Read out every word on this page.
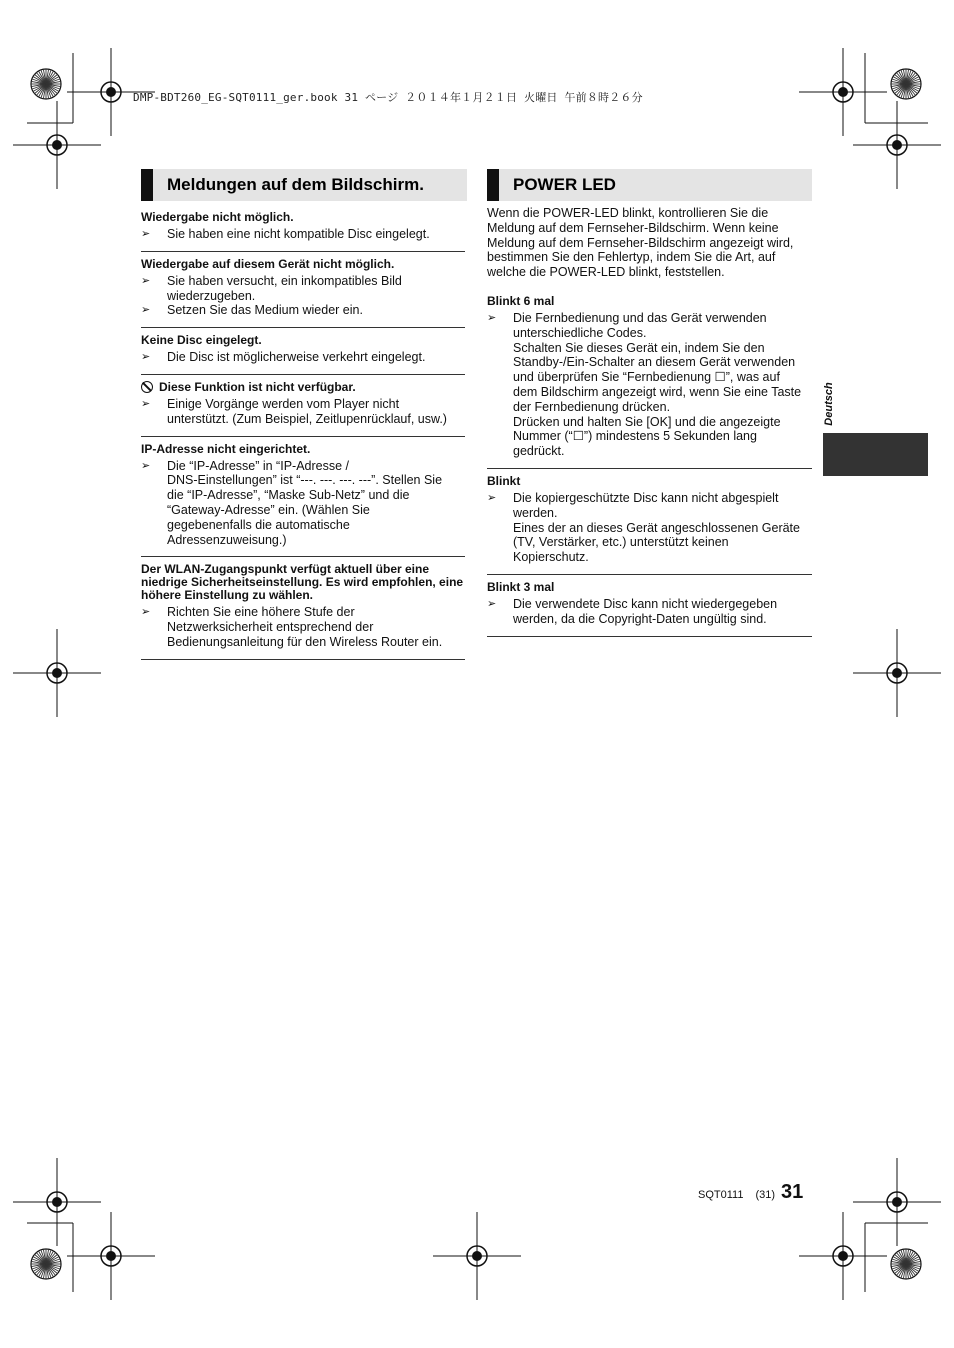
DMP-BDT260_EG-SQT0111_ger.book 31 ページ ２０１４年１月２１日 火曜日 午前８時２６分
Meldungen auf dem Bildschirm.
Wiedergabe nicht möglich.
➢	Sie haben eine nicht kompatible Disc eingelegt.
Wiedergabe auf diesem Gerät nicht möglich.
➢	Sie haben versucht, ein inkompatibles Bild
wiederzugeben.
➢	Setzen Sie das Medium wieder ein.
Keine Disc eingelegt.
➢	Die Disc ist möglicherweise verkehrt eingelegt.
Diese Funktion ist nicht verfügbar.
➢	Einige Vorgänge werden vom Player nicht
unterstützt. (Zum Beispiel, Zeitlupenrücklauf, usw.)
IP-Adresse nicht eingerichtet.
➢	Die “IP-Adresse” in “IP-Adresse /
DNS-Einstellungen” ist “---. ---. ---. ---”. Stellen Sie
die “IP-Adresse”, “Maske Sub-Netz” und die
“Gateway-Adresse” ein. (Wählen Sie
gegebenenfalls die automatische
Adressenzuweisung.)
Der WLAN-Zugangspunkt verfügt aktuell über eine niedrige Sicherheitseinstellung. Es wird empfohlen, eine höhere Einstellung zu wählen.
➢	Richten Sie eine höhere Stufe der
Netzwerksicherheit entsprechend der
Bedienungsanleitung für den Wireless Router ein.
POWER LED
Wenn die POWER-LED blinkt, kontrollieren Sie die
Meldung auf dem Fernseher-Bildschirm. Wenn keine
Meldung auf dem Fernseher-Bildschirm angezeigt wird,
bestimmen Sie den Fehlertyp, indem Sie die Art, auf
welche die POWER-LED blinkt, feststellen.
Blinkt 6 mal
➢	Die Fernbedienung und das Gerät verwenden
unterschiedliche Codes.
Schalten Sie dieses Gerät ein, indem Sie den
Standby-/Ein-Schalter an diesem Gerät verwenden
und überprüfen Sie “Fernbedienung ☐”, was auf
dem Bildschirm angezeigt wird, wenn Sie eine Taste
der Fernbedienung drücken.
Drücken und halten Sie [OK] und die angezeigte
Nummer (“☐”) mindestens 5 Sekunden lang
gedrückt.
Blinkt
➢	Die kopiergeschützte Disc kann nicht abgespielt
werden.
Eines der an dieses Gerät angeschlossenen Geräte
(TV, Verstärker, etc.) unterstützt keinen
Kopierschutz.
Blinkt 3 mal
➢	Die verwendete Disc kann nicht wiedergegeben
werden, da die Copyright-Daten ungültig sind.
Deutsch
SQT0111 (31) 31
